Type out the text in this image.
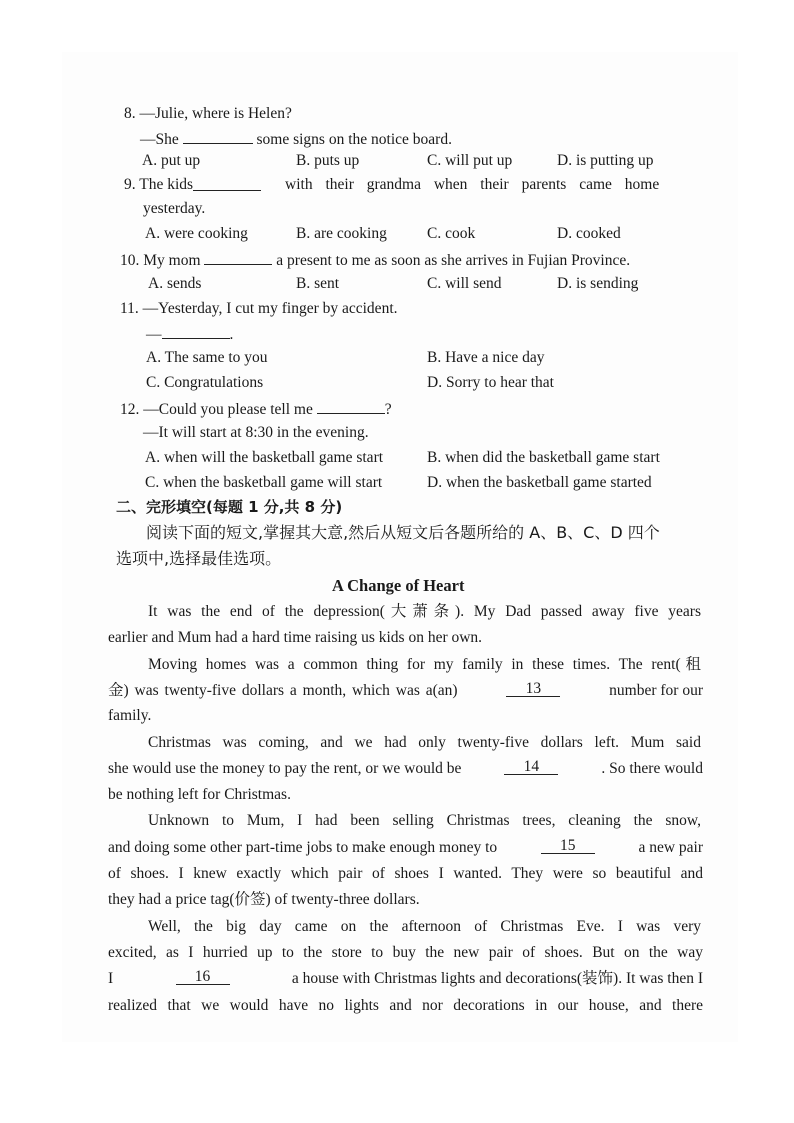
8. —Julie, where is Helen?
—She	some signs on the notice board.
A. put up	B. puts up	C. will put up	D. is putting up
9. The kids	with their grandma when their parents came home
yesterday.
A. were cooking	B. are cooking	C. cook	D. cooked
10. My mom	a present to me as soon as she arrives in Fujian Province.
A. sends	B. sent	C. will send	D. is sending
11. —Yesterday, I cut my finger by accident.
—	.
A. The same to you	B. Have a nice day
C. Congratulations	D. Sorry to hear that
12. —Could you please tell me	?
—It will start at 8:30 in the evening.
A. when will the basketball game start	B. when did the basketball game start
C. when the basketball game will start	D. when the basketball game started
二、完形填空(每题 1 分,共 8 分)
阅读下面的短文,掌握其大意,然后从短文后各题所给的 A、B、C、D 四个
选项中,选择最佳选项。
A Change of Heart
It was the end of the depression(大萧条). My Dad passed away five years
earlier and Mum had a hard time raising us kids on her own.
Moving homes was a common thing for my family in these times. The rent(租
金) was twenty-five dollars a month, which was a(an)	13	number for our
family.
Christmas was coming, and we had only twenty-five dollars left. Mum said
she would use the money to pay the rent, or we would be	14	. So there would
be nothing left for Christmas.
Unknown to Mum, I had been selling Christmas trees, cleaning the snow,
and doing some other part-time jobs to make enough money to	15	a new pair
of shoes. I knew exactly which pair of shoes I wanted. They were so beautiful and
they had a price tag(价签) of twenty-three dollars.
Well, the big day came on the afternoon of Christmas Eve. I was very
excited, as I hurried up to the store to buy the new pair of shoes. But on the way
I	16	a house with Christmas lights and decorations(装饰). It was then I
realized that we would have no lights and nor decorations in our house, and there
